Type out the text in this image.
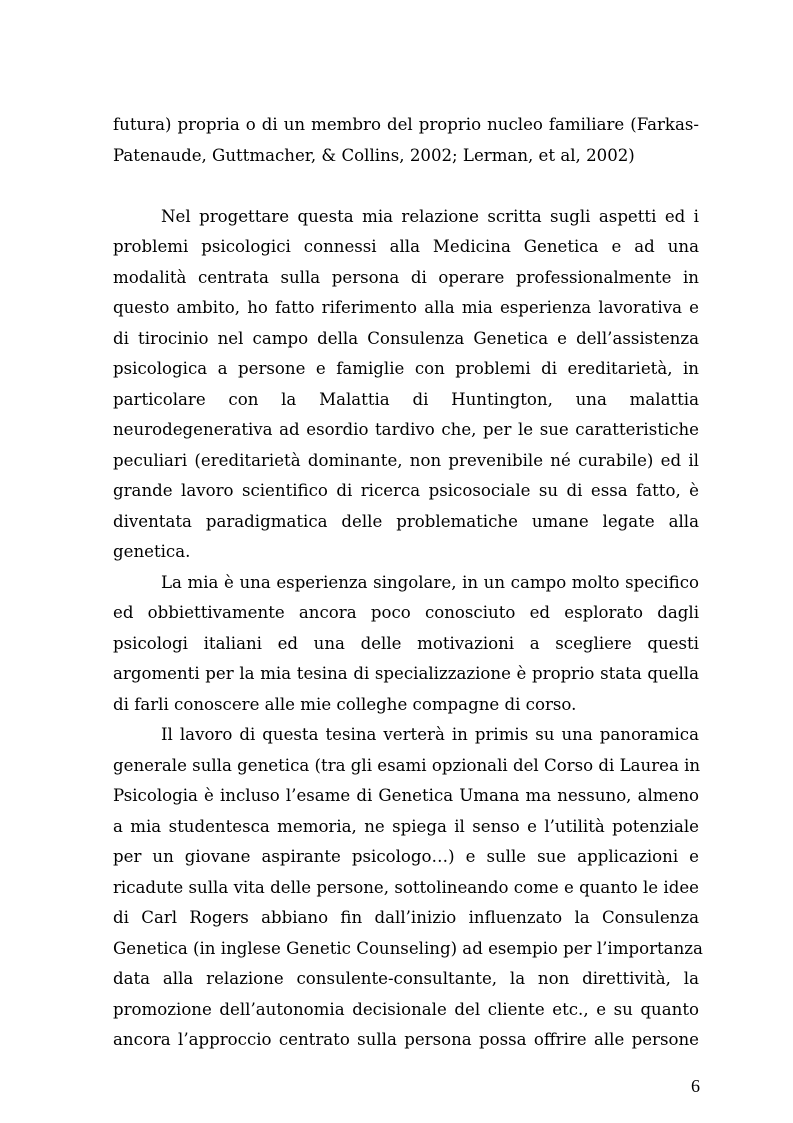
futura) propria o di un membro del proprio nucleo familiare (Farkas-
Patenaude, Guttmacher, & Collins, 2002; Lerman, et al, 2002)
Nel progettare questa mia relazione scritta sugli aspetti ed i
problemi psicologici connessi alla Medicina Genetica e ad una
modalità centrata sulla persona di operare professionalmente in
questo ambito, ho fatto riferimento alla mia esperienza lavorativa e
di tirocinio nel campo della Consulenza Genetica e dell’assistenza
psicologica a persone e famiglie con problemi di ereditarietà, in
particolare con la Malattia di Huntington, una malattia
neurodegenerativa ad esordio tardivo che, per le sue caratteristiche
peculiari (ereditarietà dominante, non prevenibile né curabile) ed il
grande lavoro scientifico di ricerca psicosociale su di essa fatto, è
diventata paradigmatica delle problematiche umane legate alla
genetica.
La mia è una esperienza singolare, in un campo molto specifico
ed obbiettivamente ancora poco conosciuto ed esplorato dagli
psicologi italiani ed una delle motivazioni a scegliere questi
argomenti per la mia tesina di specializzazione è proprio stata quella
di farli conoscere alle mie colleghe compagne di corso.
Il lavoro di questa tesina verterà in primis su una panoramica
generale sulla genetica (tra gli esami opzionali del Corso di Laurea in
Psicologia è incluso l’esame di Genetica Umana ma nessuno, almeno
a mia studentesca memoria, ne spiega il senso e l’utilità potenziale
per un giovane aspirante psicologo…) e sulle sue applicazioni e
ricadute sulla vita delle persone, sottolineando come e quanto le idee
di Carl Rogers abbiano fin dall’inizio influenzato la Consulenza
Genetica (in inglese Genetic Counseling) ad esempio per l’importanza
data alla relazione consulente-consultante, la non direttività, la
promozione dell’autonomia decisionale del cliente etc., e su quanto
ancora l’approccio centrato sulla persona possa offrire alle persone
6
